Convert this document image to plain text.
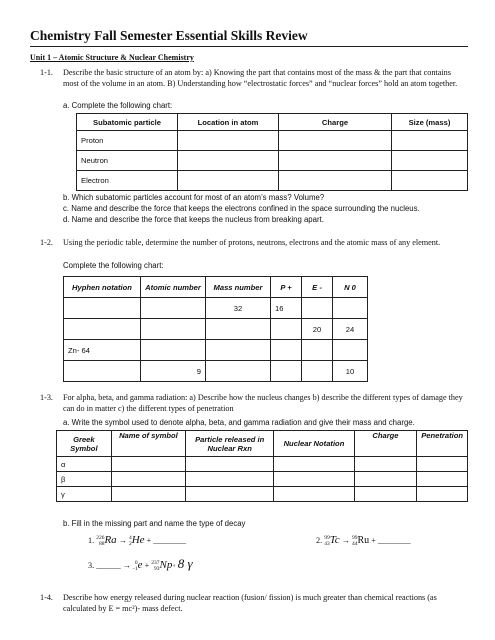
Chemistry Fall Semester Essential Skills Review
Unit 1 – Atomic Structure & Nuclear Chemistry
1-1. Describe the basic structure of an atom by: a) Knowing the part that contains most of the mass & the part that contains most of the volume in an atom. B) Understanding how “electrostatic forces” and “nuclear forces” hold an atom together.
a. Complete the following chart:
Subatomic particle	Location in atom	Charge	Size (mass)
Proton			
Neutron			
Electron			
b. Which subatomic particles account for most of an atom’s mass? Volume?
c. Name and describe the force that keeps the electrons confined in the space surrounding the nucleus.
d. Name and describe the force that keeps the nucleus from breaking apart.
1-2. Using the periodic table, determine the number of protons, neutrons, electrons and the atomic mass of any element.
Complete the following chart:
Hyphen notation	Atomic number	Mass number	P +	E -	N 0
		32	16		
				20	24
Zn- 64					
	9				10
1-3. For alpha, beta, and gamma radiation: a) Describe how the nucleus changes b) describe the different types of damage they can do in matter c) the different types of penetration
a. Write the symbol used to denote alpha, beta, and gamma radiation and give their mass and charge.
Greek Symbol	Name of symbol	Particle released in Nuclear Rxn	Nuclear Notation	Charge	Penetration
α					
β					
γ					
b. Fill in the missing part and name the type of decay
1. 226
88Ra → 4
2He + ________	2. 99
43Tc → 99
44Ru + ________
3. ______ → 0
-1e + 237
93Np+ 8 γ
1-4. Describe how energy released during nuclear reaction (fusion/ fission) is much greater than chemical reactions (as calculated by E = mc²)- mass defect.
